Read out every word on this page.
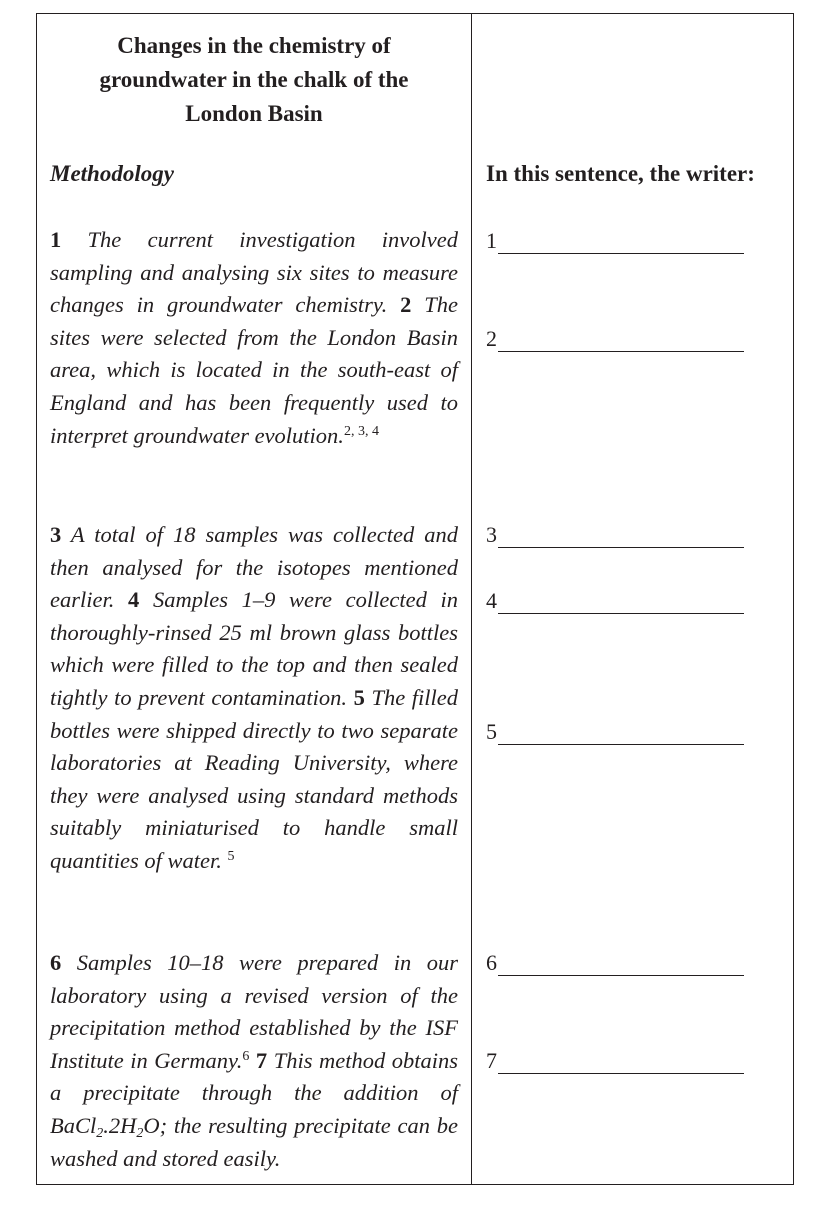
Changes in the chemistry of

groundwater in the chalk of the

London Basin

Methodology	In this sentence, the writer:

1 The current investigation involved sampling and analysing six sites to measure changes in groundwater chemistry. 2 The sites were selected from the London Basin area, which is located in the south-east of England and has been frequently used to interpret groundwater evolution.$^{2, 3, 4}$

3 A total of 18 samples was collected and then analysed for the isotopes mentioned earlier. 4 Samples 1–9 were collected in thoroughly-rinsed 25 ml brown glass bottles which were filled to the top and then sealed tightly to prevent contamination. 5 The filled bottles were shipped directly to two separate laboratories at Reading University, where they were analysed using standard methods suitably miniaturised to handle small quantities of water. $^5$

6 Samples 10–18 were prepared in our laboratory using a revised version of the precipitation method established by the ISF Institute in Germany.$^6$ 7 This method obtains a precipitate through the addition of $BaCl_2.2H_2O$; the resulting precipitate can be washed and stored easily.

1
2
3
4
5
6
7
